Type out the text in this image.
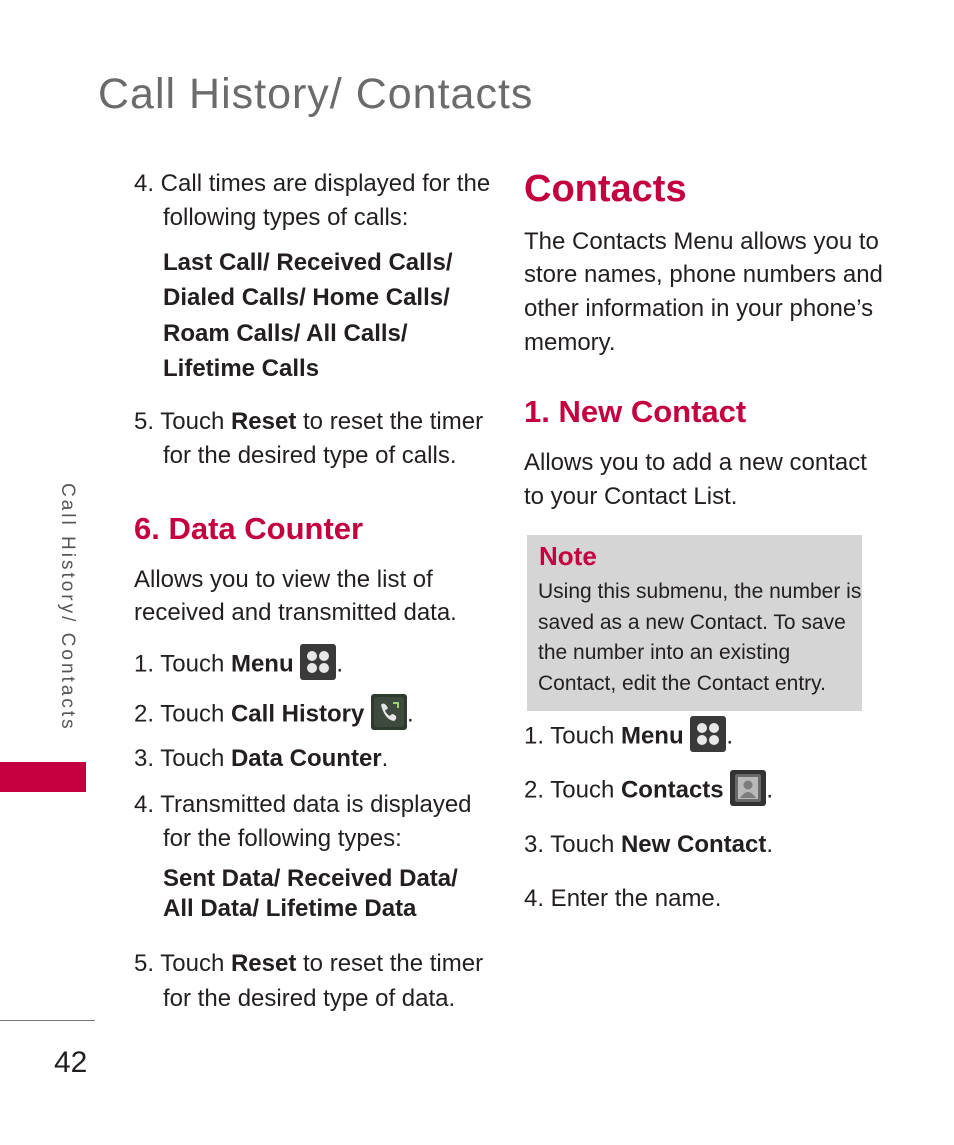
Call History/ Contacts
Call History/ Contacts
42
4. Call times are displayed for the
following types of calls:
Last Call/ Received Calls/
Dialed Calls/ Home Calls/
Roam Calls/ All Calls/
Lifetime Calls
5. Touch Reset to reset the timer
for the desired type of calls.
6. Data Counter
Allows you to view the list of
received and transmitted data.
1. Touch Menu .
2. Touch Call History .
3. Touch Data Counter.
4. Transmitted data is displayed
for the following types:
Sent Data/ Received Data/
All Data/ Lifetime Data
5. Touch Reset to reset the timer
for the desired type of data.
Contacts
The Contacts Menu allows you to
store names, phone numbers and
other information in your phone’s
memory.
1. New Contact
Allows you to add a new contact
to your Contact List.
Note
Using this submenu, the number is
saved as a new Contact. To save
the number into an existing
Contact, edit the Contact entry.
1. Touch Menu .
2. Touch Contacts .
3. Touch New Contact.
4. Enter the name.
